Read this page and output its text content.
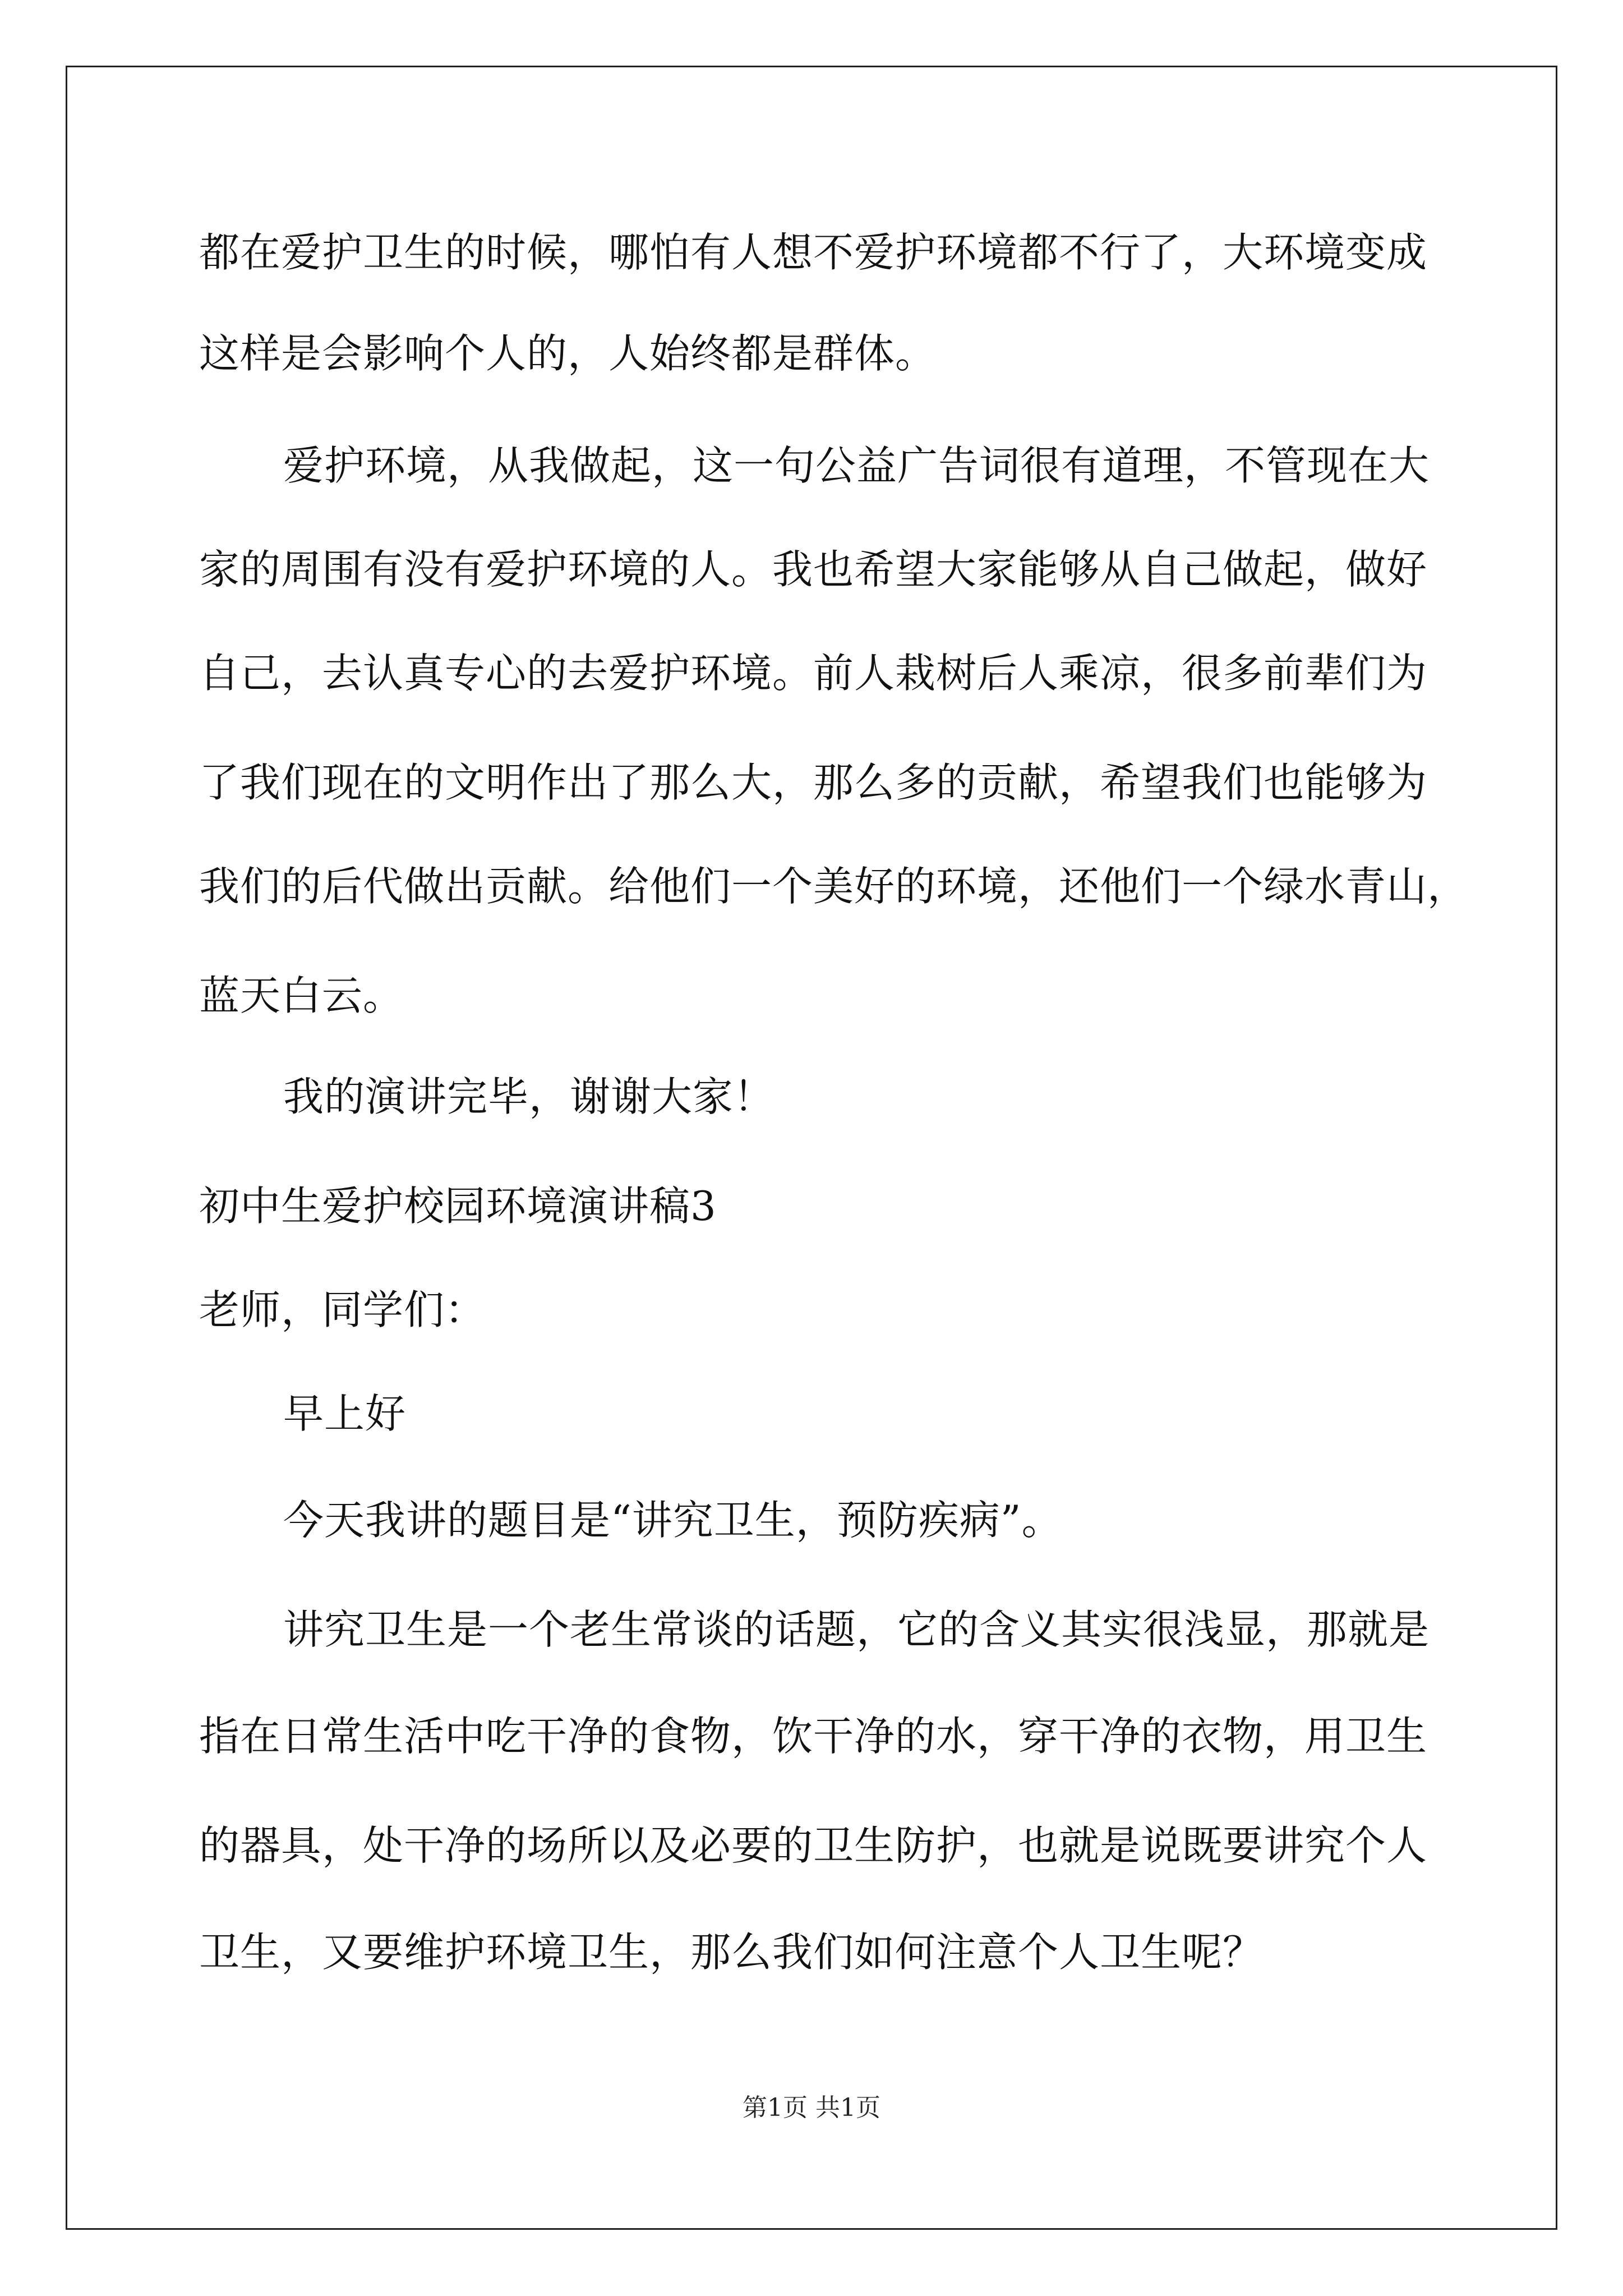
都在爱护卫生的时候，哪怕有人想不爱护环境都不行了，大环境变成
这样是会影响个人的，人始终都是群体。
爱护环境，从我做起，这一句公益广告词很有道理，不管现在大
家的周围有没有爱护环境的人。我也希望大家能够从自己做起，做好
自己，去认真专心的去爱护环境。前人栽树后人乘凉，很多前辈们为
了我们现在的文明作出了那么大，那么多的贡献，希望我们也能够为
我们的后代做出贡献。给他们一个美好的环境，还他们一个绿水青山，
蓝天白云。
我的演讲完毕，谢谢大家！
初中生爱护校园环境演讲稿3
老师，同学们：
早上好
今天我讲的题目是“讲究卫生，预防疾病”。
讲究卫生是一个老生常谈的话题，它的含义其实很浅显，那就是
指在日常生活中吃干净的食物，饮干净的水，穿干净的衣物，用卫生
的器具，处干净的场所以及必要的卫生防护，也就是说既要讲究个人
卫生，又要维护环境卫生，那么我们如何注意个人卫生呢？
第1页 共1页
